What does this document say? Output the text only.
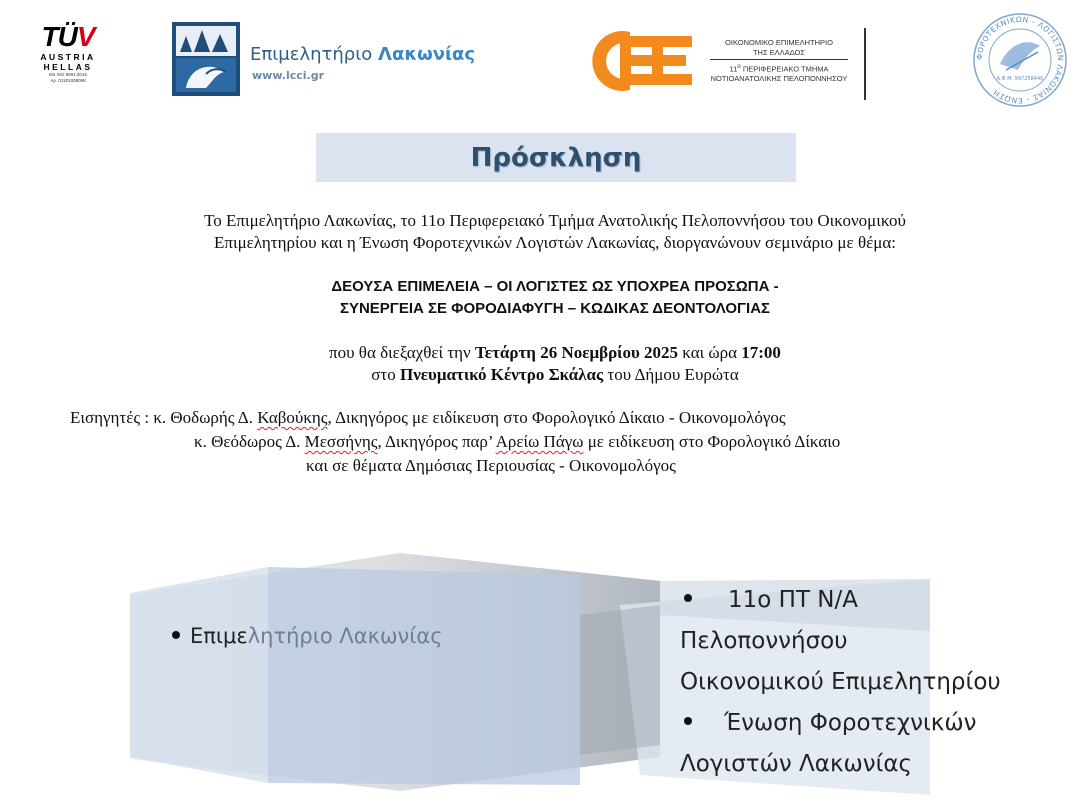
TÜV
AUSTRIA
HELLAS
EN ISO 9001:2015
Αρ. 01101008098
Επιμελητήριο Λακωνίας
www.lcci.gr
ΟΙΚΟΝΟΜΙΚΟ ΕΠΙΜΕΛΗΤΗΡΙΟ
ΤΗΣ ΕΛΛΑΔΟΣ
$11^o$ ΠΕΡΙΦΕΡΕΙΑΚΟ ΤΜΗΜΑ
ΝΟΤΙΟΑΝΑΤΟΛΙΚΗΣ ΠΕΛΟΠΟΝΝΗΣΟΥ
ΦΟΡΟΤΕΧΝΙΚΩΝ - ΛΟΓΙΣΤΩΝ ΛΑΚΩΝΙΑΣ - ΕΝΩΣΗ
Α.Φ.Μ. 997258440
Πρόσκληση
Το Επιμελητήριο Λακωνίας, το 11ο Περιφερειακό Τμήμα Ανατολικής Πελοποννήσου του Οικονομικού
Επιμελητηρίου και η Ένωση Φοροτεχνικών Λογιστών Λακωνίας, διοργανώνουν σεμινάριο με θέμα:
ΔΕΟΥΣΑ ΕΠΙΜΕΛΕΙΑ – ΟΙ ΛΟΓΙΣΤΕΣ ΩΣ ΥΠΟΧΡΕΑ ΠΡΟΣΩΠΑ -
ΣΥΝΕΡΓΕΙΑ ΣΕ ΦΟΡΟΔΙΑΦΥΓΗ – ΚΩΔΙΚΑΣ ΔΕΟΝΤΟΛΟΓΙΑΣ
που θα διεξαχθεί την Τετάρτη 26 Νοεμβρίου 2025 και ώρα 17:00
στο Πνευματικό Κέντρο Σκάλας του Δήμου Ευρώτα
Εισηγητές : κ. Θοδωρής Δ. Καβούκης, Δικηγόρος με ειδίκευση στο Φορολογικό Δίκαιο - Οικονομολόγος
κ. Θεόδωρος Δ. Μεσσήνης, Δικηγόρος παρ’ Αρείω Πάγω με ειδίκευση στο Φορολογικό Δίκαιο
και σε θέματα Δημόσιας Περιουσίας - Οικονομολόγος
Επιμελητήριο Λακωνίας
11ο ΠΤ Ν/Α
Πελοποννήσου
Οικονομικού Επιμελητηρίου
Ένωση Φοροτεχνικών
Λογιστών Λακωνίας
